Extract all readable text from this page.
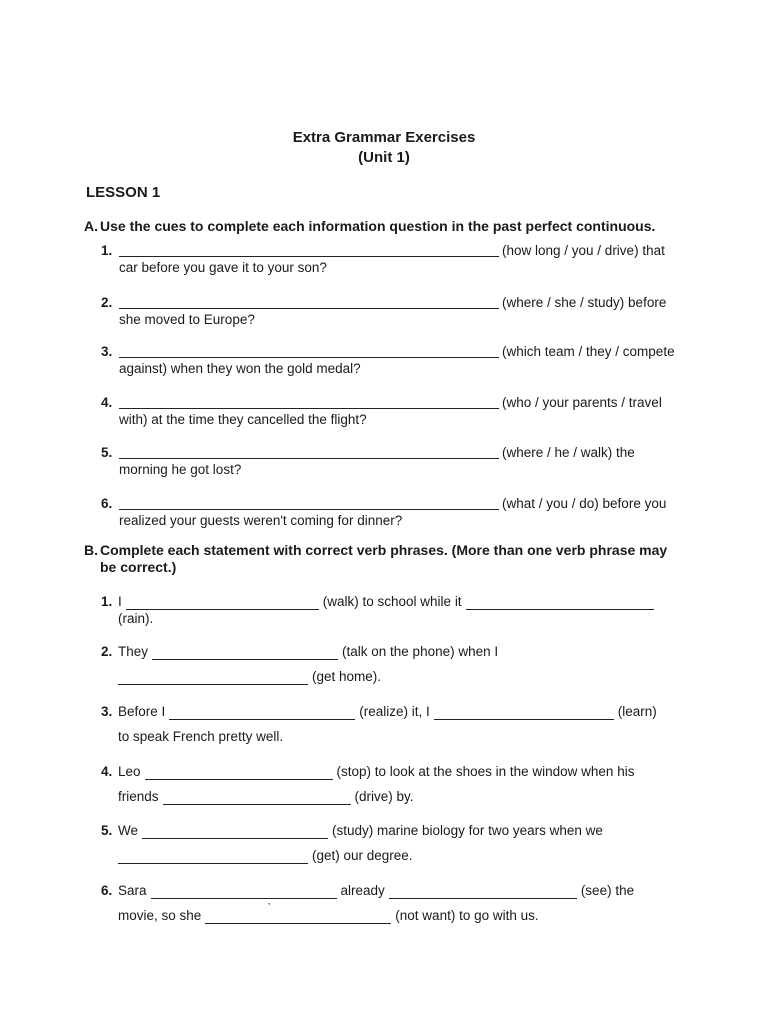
Extra Grammar Exercises
(Unit 1)
LESSON 1
A. Use the cues to complete each information question in the past perfect continuous.
1.	(how long / you / drive) that
car before you gave it to your son?
2.	(where / she / study) before
she moved to Europe?
3.	(which team / they / compete
against) when they won the gold medal?
4.	(who / your parents / travel
with) at the time they cancelled the flight?
5.	(where / he / walk) the
morning he got lost?
6.	(what / you / do) before you
realized your guests weren't coming for dinner?
B. Complete each statement with correct verb phrases. (More than one verb phrase may
be correct.)
1. I	(walk) to school while it
(rain).
2. They	(talk on the phone) when I
(get home).
3. Before I	(realize) it, I	(learn)
to speak French pretty well.
4. Leo	(stop) to look at the shoes in the window when his
friends	(drive) by.
5. We	(study) marine biology for two years when we
(get) our degree.
6. Sara	already	(see) the
movie, so she	(not want) to go with us.
‚
